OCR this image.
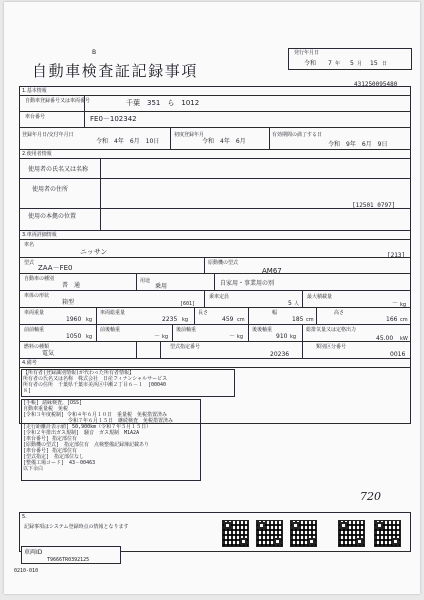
B
自動車検査証記録事項
発行年月日
令和 7 年 5 月 15 日
431250095480
1.基本情報
自動車登録番号又は車両番号	千葉　351　ら　1012
車台番号	FE0－102342
登録年月日/交付年月日
令和　4年　6月　10日
初度登録年月
令和　4年　6月
有効期間の満了する日
令和　9年　6月　9日
2.使用者情報
使用者の氏名又は名称
使用者の住所
[12501 0797]
使用の本拠の位置
3.車両詳細情報
車名
ニッサン	[213]
型式
ZAA－FE0
原動機の型式
AM67
自動車の種別
普　通
用途
乗用	自家用・事業用の別
車体の形状
箱型	[601]
乗車定員
5 人
最大積載量
－ kg
車両重量
1960 kg
車両総重量
2235 kg
長さ
459 cm
幅
185 cm
高さ
166 cm
前前軸重
1050 kg
前後軸重
－ kg
後前軸重
－ kg
後後軸重
910 kg
総排気量又は定格出力
45.00 kW
燃料の種類
電気
型式指定番号
20236
類別区分番号
0016
4.備考
【所有者(登録識別情報)が代わった所有者情報】
所有者の氏名又は名称　株式会社　日産フィナンシャルサービス
所有者の住所　千葉県千葉市美浜区中瀬２丁目６－１　[00040
８]
[手帳] 請縁検査，[OSS]
自動車重量税　免税
[令和３年度税制] 令和４年６月１０日　重量税　免税措置済み
　　　　　　　　　令和７年６月１５日　継続検査　免税措置済み
[走行距離計表示値] 50,900km（令和７年５月１５日）
[令和２年排出ガス規制]　騒音　ガス規制　M1A2A
[車台番号] 指定部位有
[原動機の型式]　指定部位有　点検整備記録簿記載あり
[車台番号] 指定部位有
[型式指定]　指定部位なし
[整備工場コード]　43－00463
以下余白
720
5.
記録事項はシステム登録時点の情報となります
車両ID
T9666TR0392125
0210-010
